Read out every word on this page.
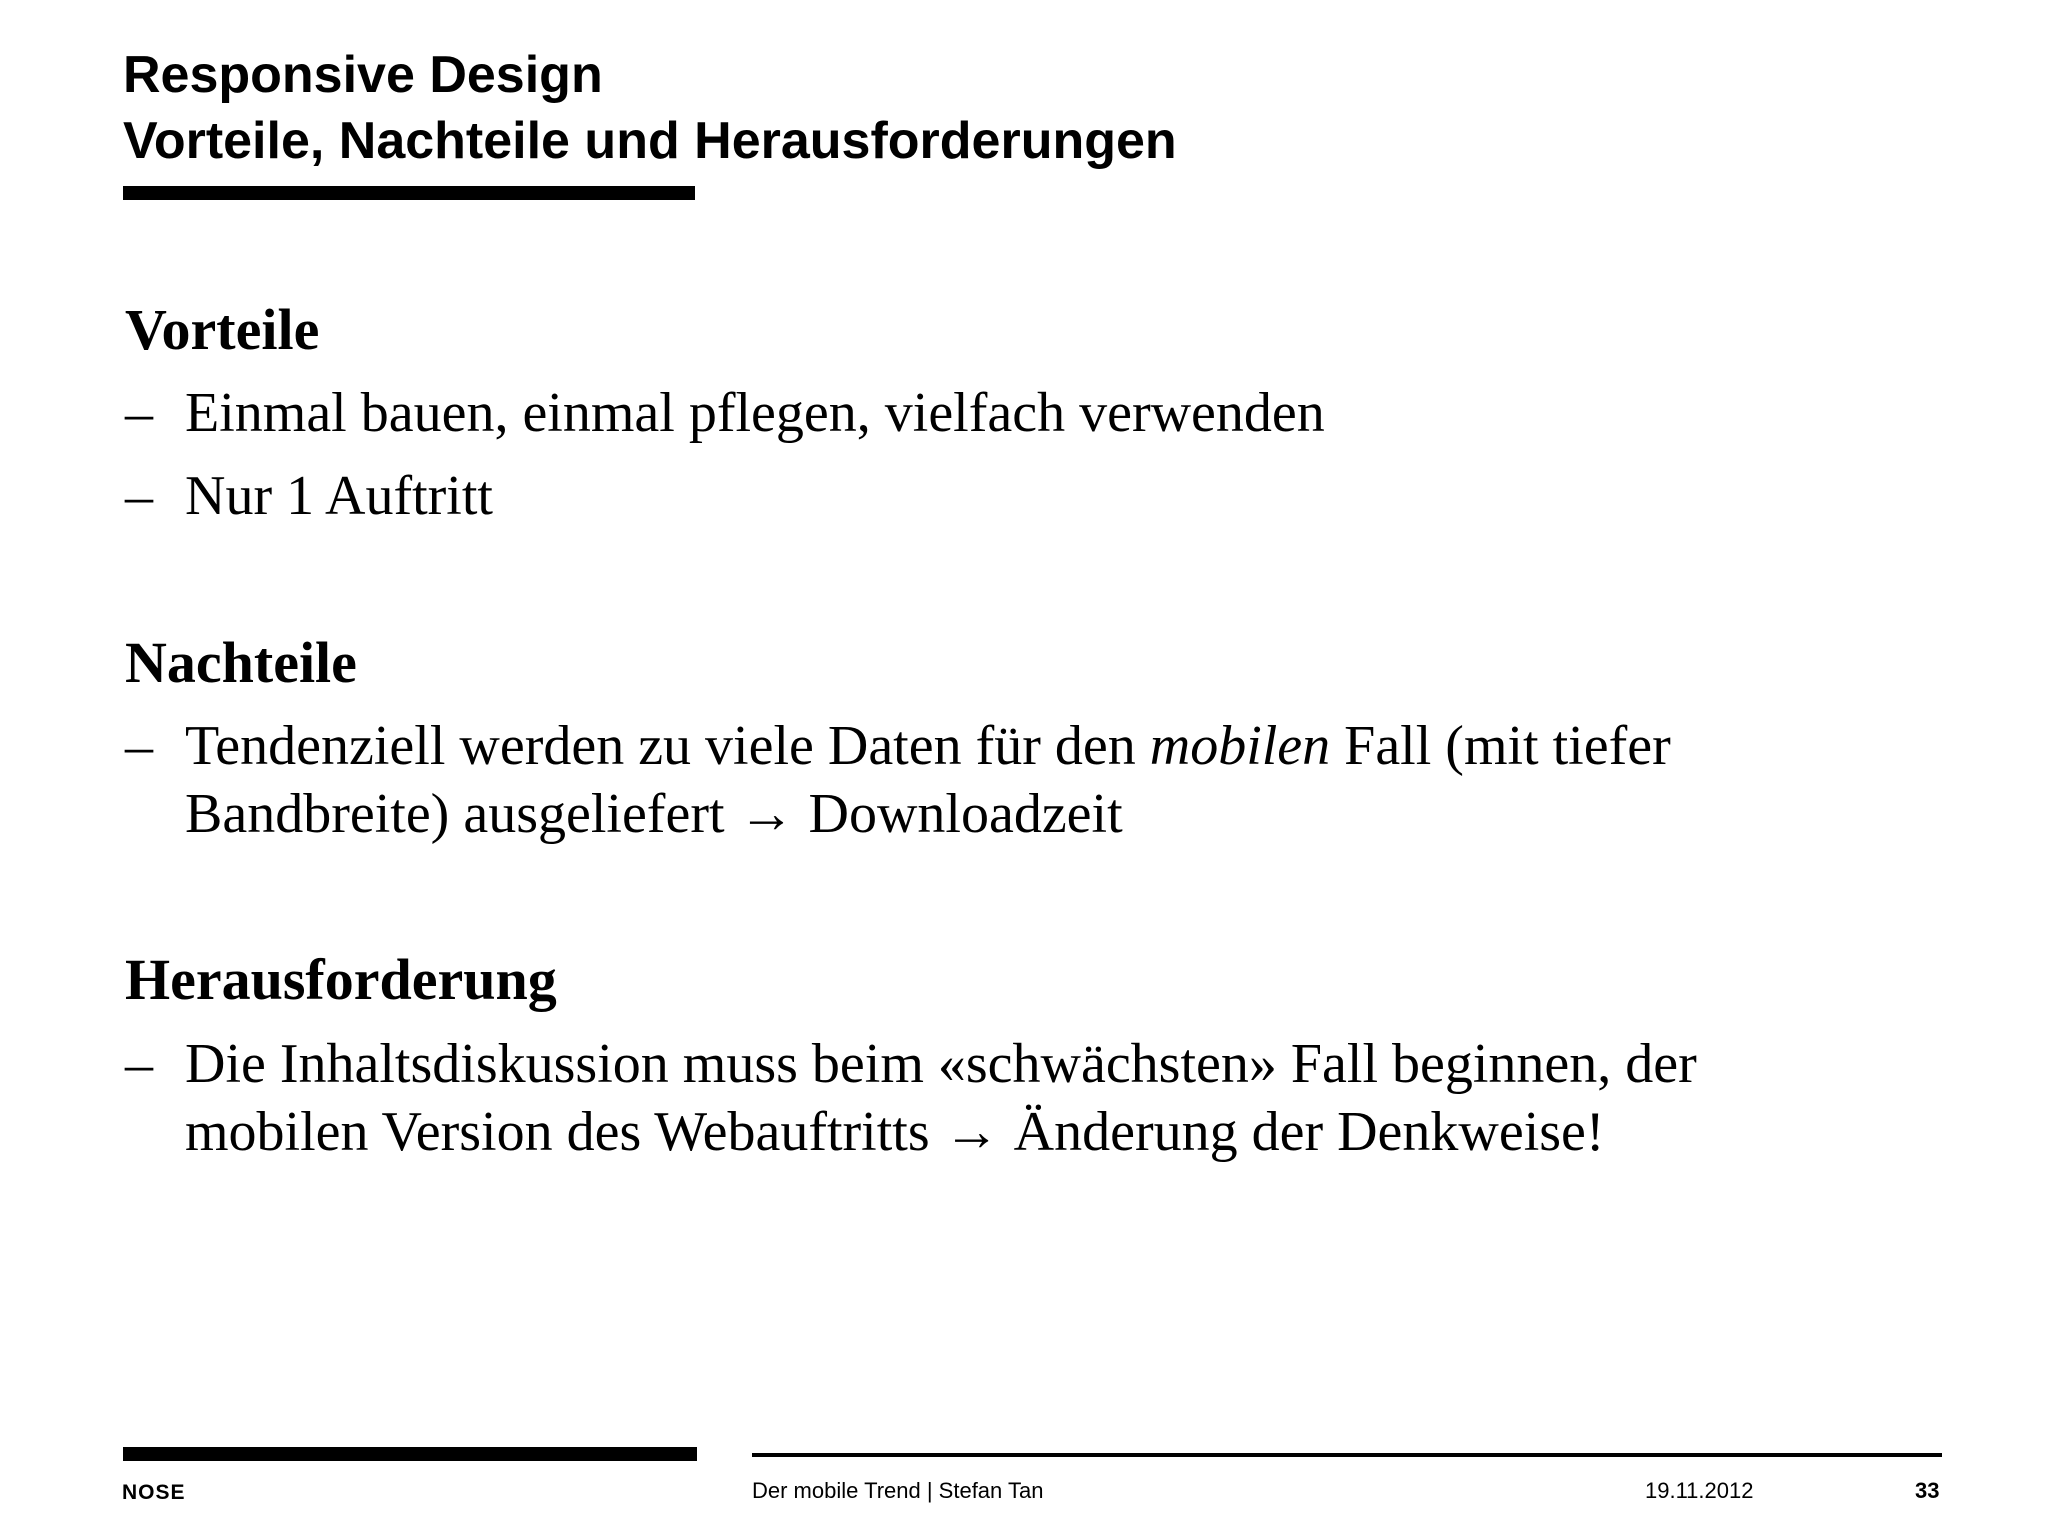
Responsive Design
Vorteile, Nachteile und Herausforderungen
Vorteile

– Einmal bauen, einmal pflegen, vielfach verwenden

– Nur 1 Auftritt

Nachteile

– Tendenziell werden zu viele Daten für den mobilen Fall (mit tiefer
Bandbreite) ausgeliefert → Downloadzeit

Herausforderung

– Die Inhaltsdiskussion muss beim «schwächsten» Fall beginnen, der
mobilen Version des Webauftritts → Änderung der Denkweise!

NOSE	Der mobile Trend | Stefan Tan	19.11.2012	33
